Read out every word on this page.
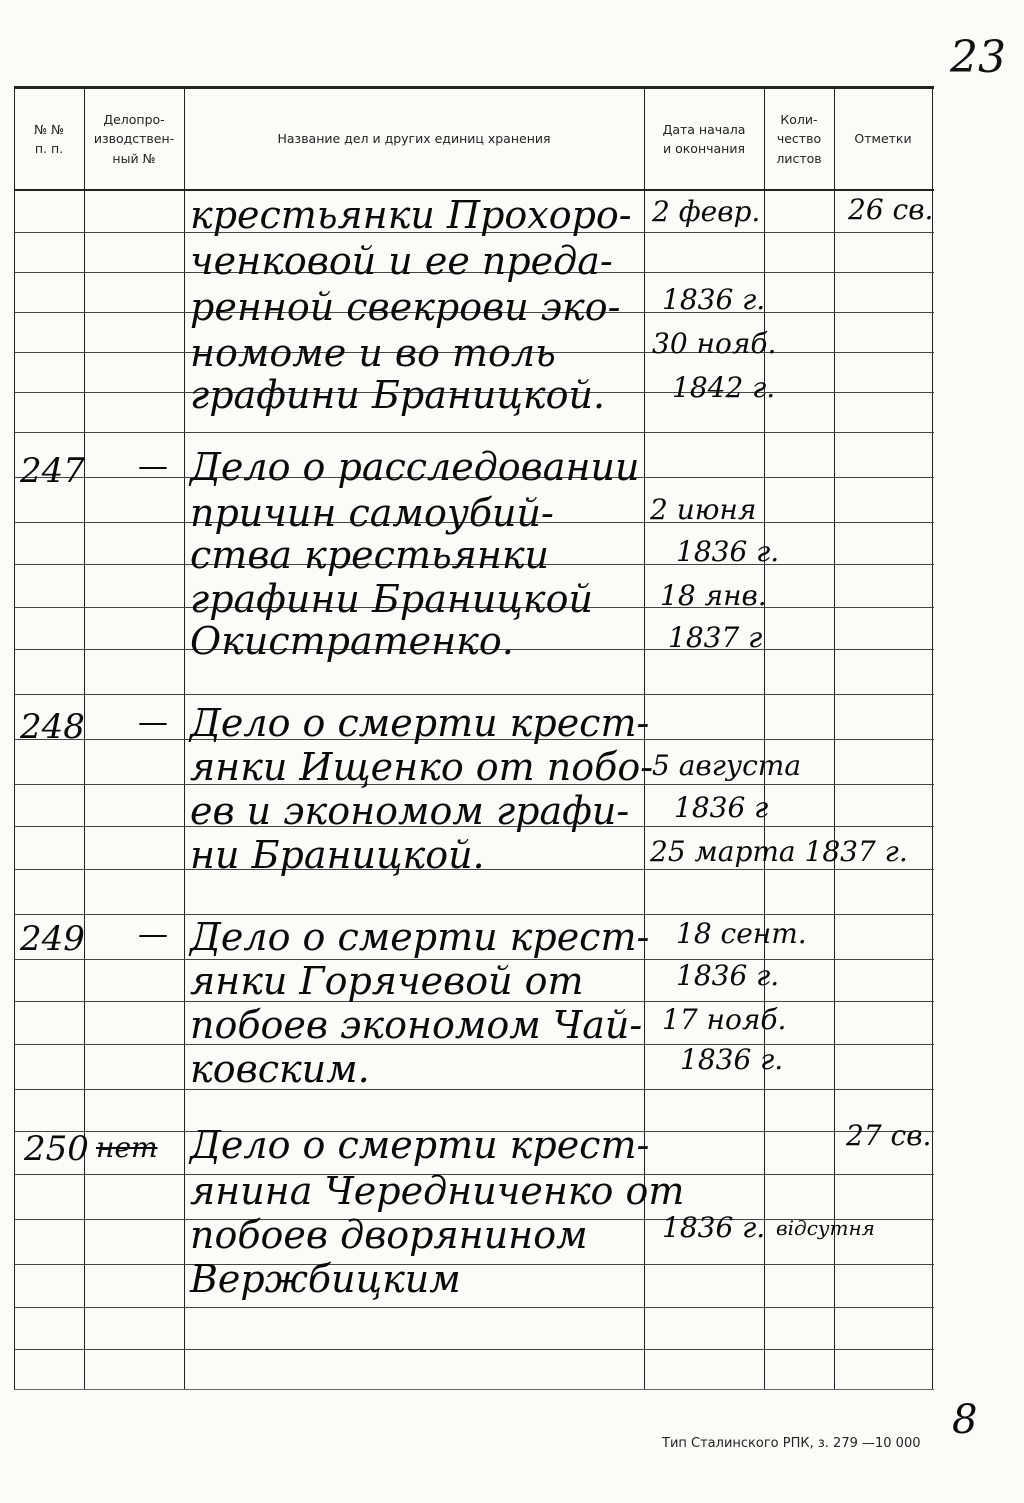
23
№ №
п. п.
Делопро-
изводствен-
ный №
Название дел и других единиц хранения
Дата начала
и окончания
Коли-
чество
листов
Отметки
крестьянки Прохоро-
ченковой и ее преда-
ренной свекрови эко-
номоме и во толь
графини Браницкой.
2 февр.
1836 г.
30 нояб.
1842 г.
26 св.
247 — Дело о расследовании
причин самоубий-
ства крестьянки
графини Браницкой
Окистратенко.
2 июня
1836 г.
18 янв.
1837 г
248 — Дело о смерти крест-
янки Ищенко от побо-
ев и экономом графи-
ни Браницкой.
5 августа
1836 г
25 марта 1837 г.
249 — Дело о смерти крест-
янки Горячевой от
побоев экономом Чай-
ковским.
18 сент.
1836 г.
17 нояб.
1836 г.
250 нет Дело о смерти крест-
янина Чередниченко от
побоев дворянином
Вержбицким
1836 г. відсутня
27 св.
Тип Сталинского РПК, з. 279 —10 000
8
